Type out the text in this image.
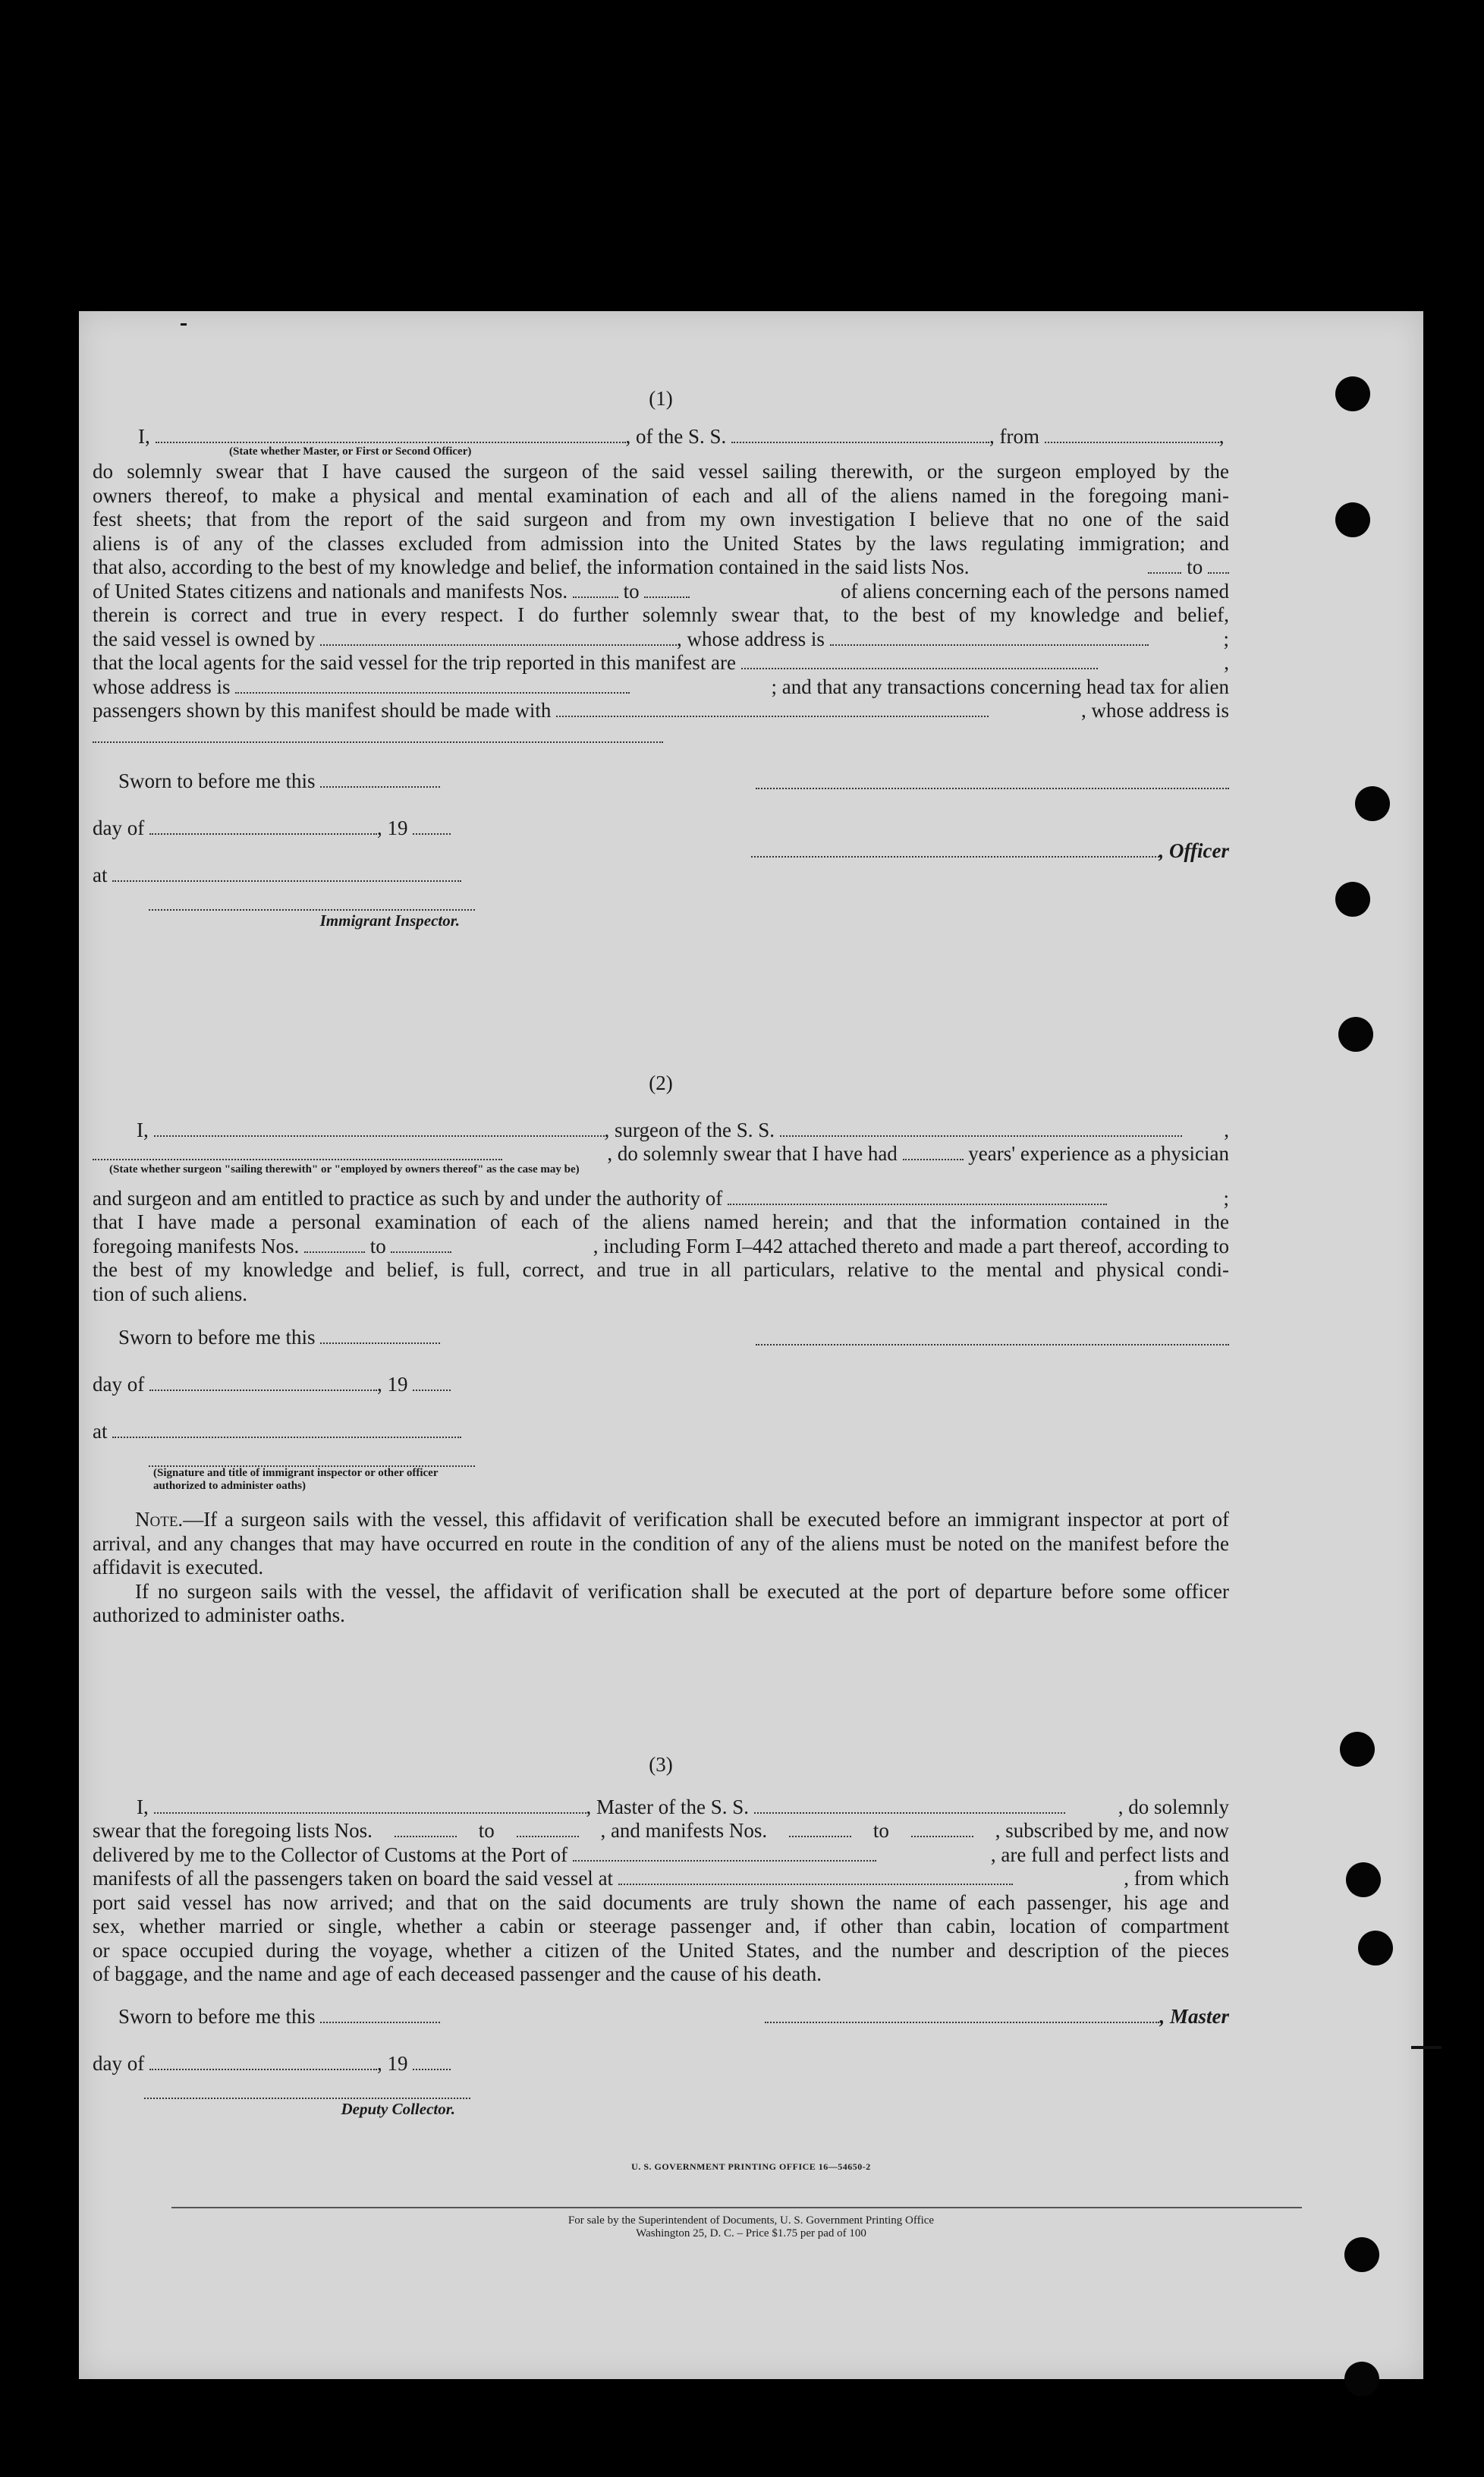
(1)
I,	, of the S. S.	, from	,
(State whether Master, or First or Second Officer)

do solemnly swear that I have caused the surgeon of the said vessel sailing therewith, or the surgeon employed by the

owners thereof, to make a physical and mental examination of each and all of the aliens named in the foregoing mani-

fest sheets; that from the report of the said surgeon and from my own investigation I believe that no one of the said

aliens is of any of the classes excluded from admission into the United States by the laws regulating immigration; and

that also, according to the best of my knowledge and belief, the information contained in the said lists Nos.	to

of United States citizens and nationals and manifests Nos.	to	of aliens concerning each of the persons named

therein is correct and true in every respect. I do further solemnly swear that, to the best of my knowledge and belief,

the said vessel is owned by	, whose address is	;

that the local agents for the said vessel for the trip reported in this manifest are	,

whose address is	; and that any transactions concerning head tax for alien

passengers shown by this manifest should be made with	, whose address is

Sworn to before me this
day of	, 19
at
, Officer
Immigrant Inspector.
(2)
I,	, surgeon of the S. S.	,
, do solemnly swear that I have had	years' experience as a physician
(State whether surgeon "sailing therewith" or "employed by owners thereof" as the case may be)

and surgeon and am entitled to practice as such by and under the authority of	;

that I have made a personal examination of each of the aliens named herein; and that the information contained in the

foregoing manifests Nos.	to	, including Form I–442 attached thereto and made a part thereof, according to

the best of my knowledge and belief, is full, correct, and true in all particulars, relative to the mental and physical condi-

tion of such aliens.

Sworn to before me this
day of	, 19
at
(Signature and title of immigrant inspector or other officer authorized to administer oaths)

Note.—If a surgeon sails with the vessel, this affidavit of verification shall be executed before an immigrant inspector at port of arrival, and any changes that may have occurred en route in the condition of any of the aliens must be noted on the manifest before the affidavit is executed.

If no surgeon sails with the vessel, the affidavit of verification shall be executed at the port of departure before some officer authorized to administer oaths.

(3)
I,	, Master of the S. S.	, do solemnly

swear that the foregoing lists Nos.	to	, and manifests Nos.	to	, subscribed by me, and now

delivered by me to the Collector of Customs at the Port of	, are full and perfect lists and

manifests of all the passengers taken on board the said vessel at	, from which

port said vessel has now arrived; and that on the said documents are truly shown the name of each passenger, his age and

sex, whether married or single, whether a cabin or steerage passenger and, if other than cabin, location of compartment

or space occupied during the voyage, whether a citizen of the United States, and the number and description of the pieces

of baggage, and the name and age of each deceased passenger and the cause of his death.

Sworn to before me this	, Master
day of	, 19
Deputy Collector.
U. S. GOVERNMENT PRINTING OFFICE 16—54650-2
For sale by the Superintendent of Documents, U. S. Government Printing Office
Washington 25, D. C. – Price $1.75 per pad of 100
